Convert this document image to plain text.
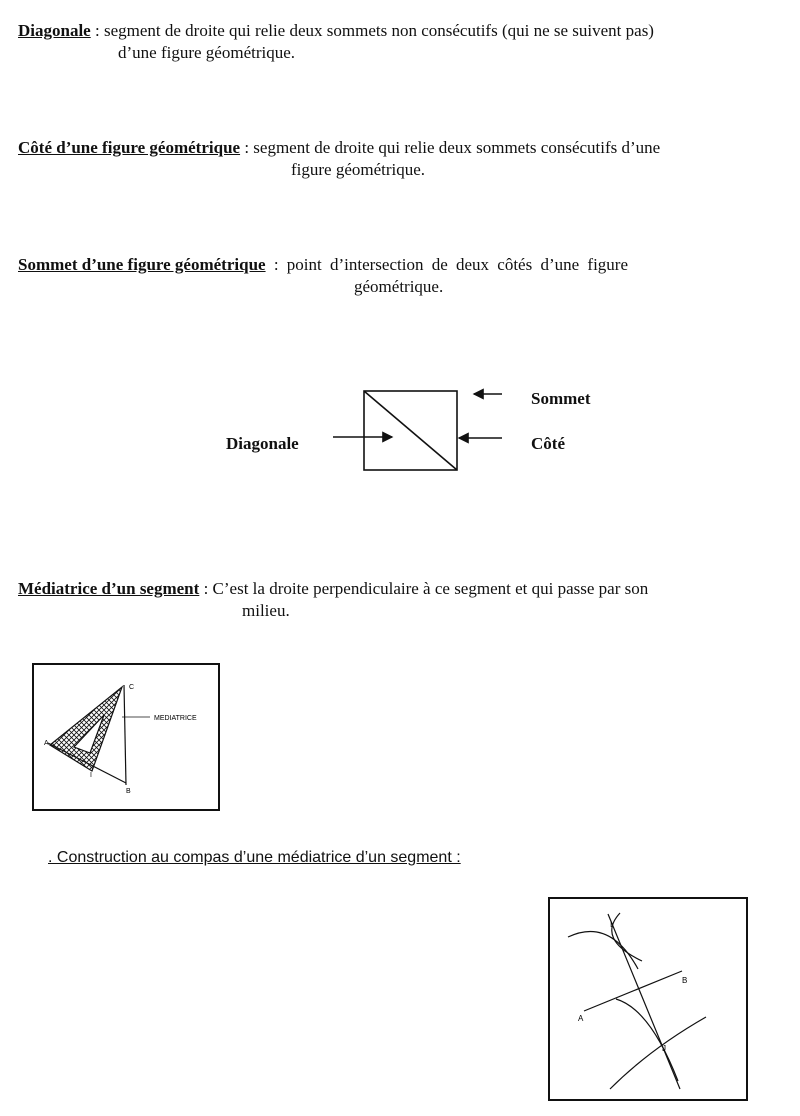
Diagonale : segment de droite qui relie deux sommets non consécutifs (qui ne se suivent pas)
d’une figure géométrique.
Côté d’une figure géométrique : segment de droite qui relie deux sommets consécutifs d’une
figure géométrique.
Sommet d’une figure géométrique : point d’intersection de deux côtés d’une figure
géométrique.
Sommet
Diagonale	Côté
Médiatrice d’un segment : C’est la droite perpendiculaire à ce segment et qui passe par son
milieu.
C
MEDIATRICE
A
I
B
. Construction au compas d’une médiatrice d’un segment :
I
B
A
J
